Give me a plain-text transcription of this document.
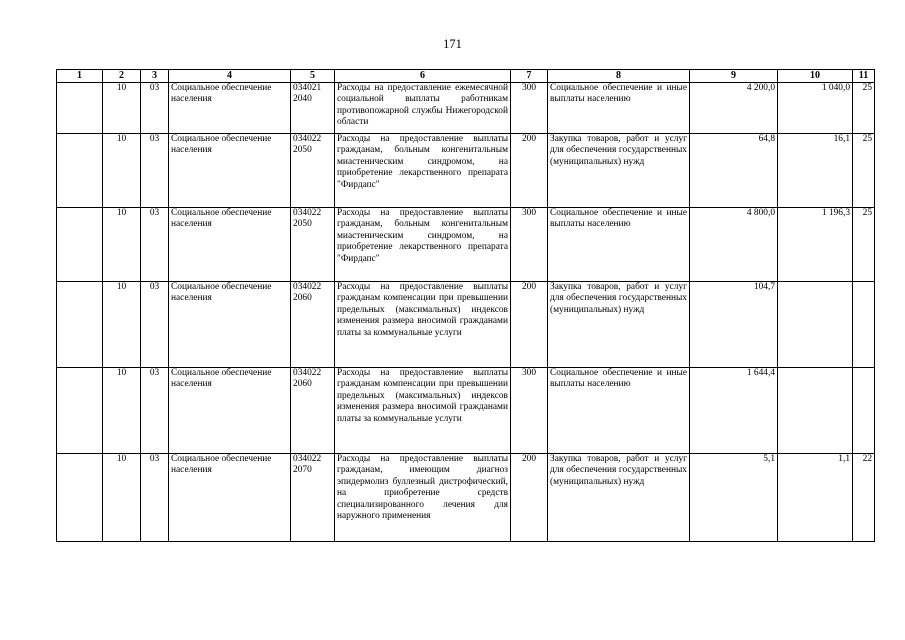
171
1	2	3	4	5	6	7	8	9	10	11
	10	03	Социальное обеспечение населения	034021 2040	Расходы на предоставление ежемесячной социальной выплаты работникам противопожарной службы Нижегородской области	300	Социальное обеспечение и иные выплаты населению	4 200,0	1 040,0	25
	10	03	Социальное обеспечение населения	034022 2050	Расходы на предоставление выплаты гражданам, больным конгенитальным миастеническим синдромом, на приобретение лекарственного препарата "Фирдапс"	200	Закупка товаров, работ и услуг для обеспечения государственных (муниципальных) нужд	64,8	16,1	25
	10	03	Социальное обеспечение населения	034022 2050	Расходы на предоставление выплаты гражданам, больным конгенитальным миастеническим синдромом, на приобретение лекарственного препарата "Фирдапс"	300	Социальное обеспечение и иные выплаты населению	4 800,0	1 196,3	25
	10	03	Социальное обеспечение населения	034022 2060	Расходы на предоставление выплаты гражданам компенсации при превышении предельных (максимальных) индексов изменения размера вносимой гражданами платы за коммунальные услуги	200	Закупка товаров, работ и услуг для обеспечения государственных (муниципальных) нужд	104,7		
	10	03	Социальное обеспечение населения	034022 2060	Расходы на предоставление выплаты гражданам компенсации при превышении предельных (максимальных) индексов изменения размера вносимой гражданами платы за коммунальные услуги	300	Социальное обеспечение и иные выплаты населению	1 644,4		
	10	03	Социальное обеспечение населения	034022 2070	Расходы на предоставление выплаты гражданам, имеющим диагноз эпидермолиз буллезный дистрофический, на приобретение средств специализированного лечения для наружного применения	200	Закупка товаров, работ и услуг для обеспечения государственных (муниципальных) нужд	5,1	1,1	22
